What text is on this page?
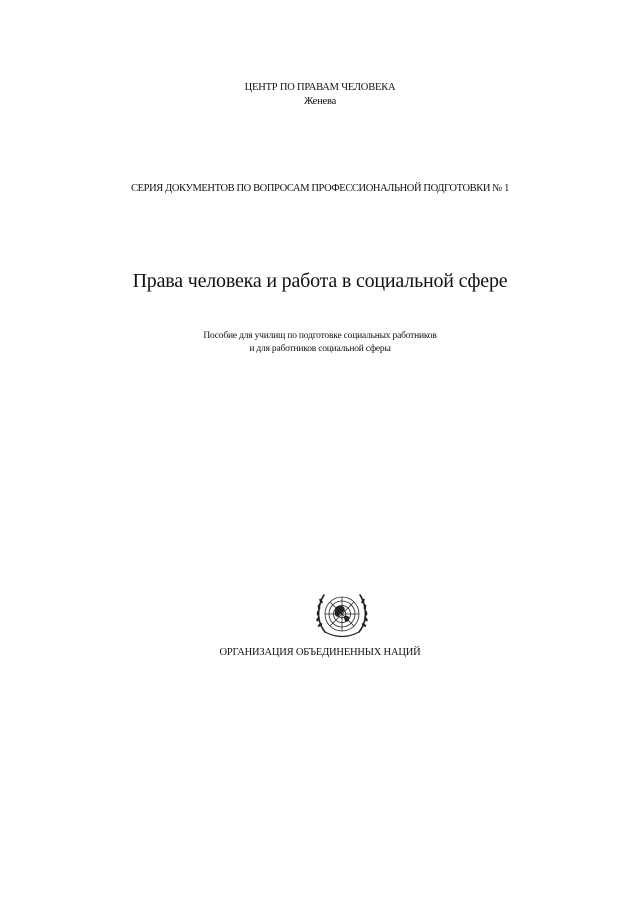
ЦЕНТР ПО ПРАВАМ ЧЕЛОВЕКА
Женева
СЕРИЯ ДОКУМЕНТОВ ПО ВОПРОСАМ ПРОФЕССИОНАЛЬНОЙ ПОДГОТОВКИ № 1
Права человека и работа в социальной сфере
Пособие для училищ по подготовке социальных работников
и для работников социальной сферы
ОРГАНИЗАЦИЯ ОБЪЕДИНЕННЫХ НАЦИЙ
